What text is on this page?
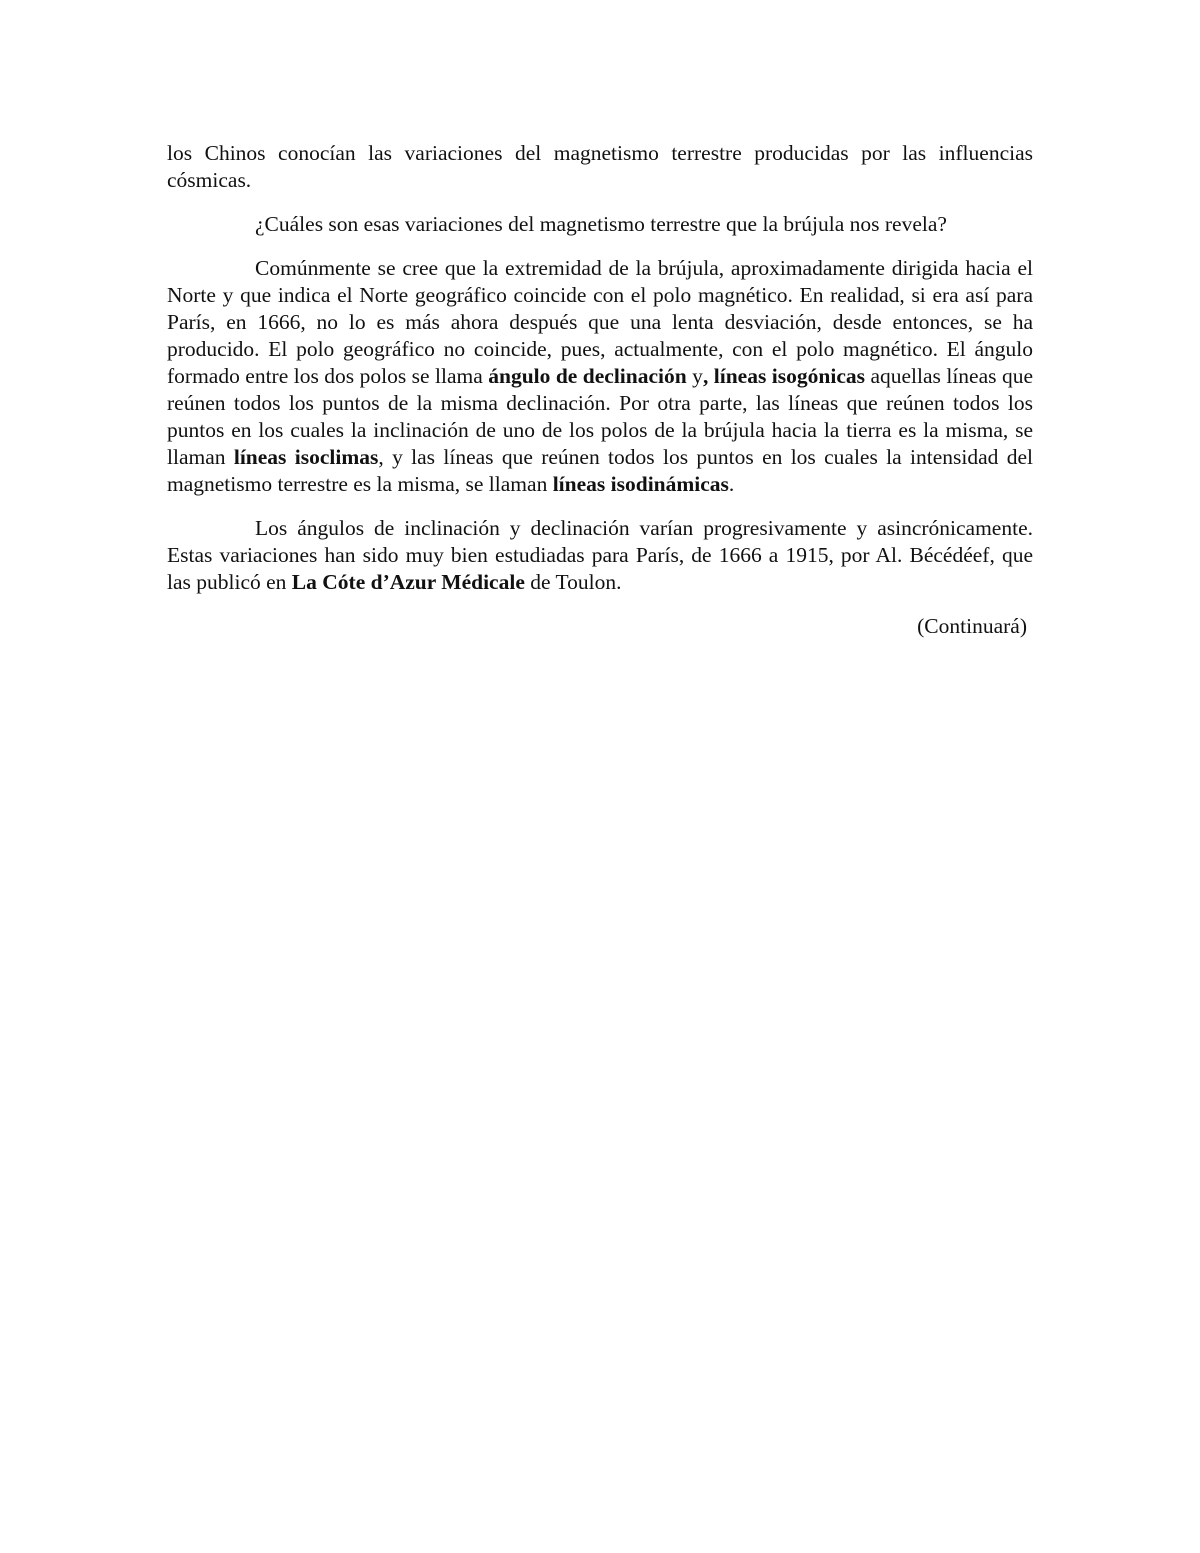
los Chinos conocían las variaciones del magnetismo terrestre producidas por las influencias cósmicas.

¿Cuáles son esas variaciones del magnetismo terrestre que la brújula nos revela?

Comúnmente se cree que la extremidad de la brújula, aproximadamente dirigida hacia el Norte y que indica el Norte geográfico coincide con el polo magnético. En realidad, si era así para París, en 1666, no lo es más ahora después que una lenta desviación, desde entonces, se ha producido. El polo geográfico no coincide, pues, actualmente, con el polo magnético. El ángulo formado entre los dos polos se llama ángulo de declinación y, líneas isogónicas aquellas líneas que reúnen todos los puntos de la misma declinación. Por otra parte, las líneas que reúnen todos los puntos en los cuales la inclinación de uno de los polos de la brújula hacia la tierra es la misma, se llaman líneas isoclimas, y las líneas que reúnen todos los puntos en los cuales la intensidad del magnetismo terrestre es la misma, se llaman líneas isodinámicas.

Los ángulos de inclinación y declinación varían progresivamente y asincrónicamente. Estas variaciones han sido muy bien estudiadas para París, de 1666 a 1915, por Al. Bécédéef, que las publicó en La Cóte d’Azur Médicale de Toulon.

(Continuará)
